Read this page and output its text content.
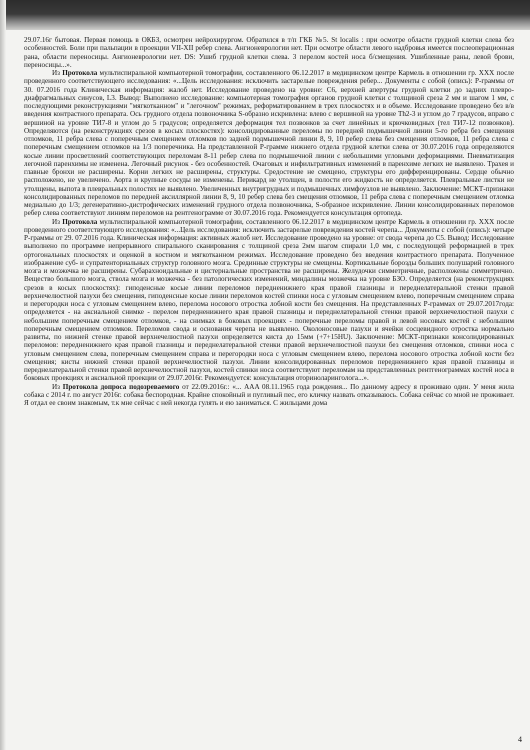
29.07.16г бытовая. Первая помощь в ОКБЗ, осмотрен нейрохирургом. Обратился в т/п ГКБ №5. St localis : при осмотре области грудной клетки слева без особенностей. Боли при пальпации в проекции VII-XII ребер слева. Ангионеврологии нет. При осмотре области левого надбровья имеется послеоперационная рана, области переносицы. Ангионеврологии нет. DS: Ушиб грудной клетки слева. 3 перелом костей носа б/смещения. Ушибленные раны, левой брови, переносицы...».

Из Протокола мультиспиральной компьютерной томографии, составленного 06.12.2017 в медицинском центре Кармель в отношении гр. XXX после проведенного соответствующего исследования: «...Цель исследования: исключить застарелые повреждения ребер... Документы с собой (опись): Р-граммы от 30. 07.2016 года Клиническая информация: жалоб нет. Исследование проведено на уровне: C6, верхней апертуры грудной клетки до задних плеврo-диафрагмальных синусов, L3. Вывод: Выполнено исследование: компьютерная томография органов грудной клетки с толщиной среза 2 мм и шагом 1 мм, с последующими реконструкциями "мягкотканном" и "легочном" режимах, реформатированием в трех плоскостях и в объеме. Исследование проведено без в/в введения контрастного препарата. Ось грудного отдела позвоночника S-образно искривлена: влево с вершиной на уровне Th2-3 и углом до 7 градусов, вправо с вершиной на уровне ТИ7-8 и углом до 5 градусов; определяется деформация тел позвонков за счет линейных и крючковидных (тел ТИ7-12 позвонков). Определяются (на реконструкциях срезов в косых плоскостях): консолидированные переломы по передней подмышечной линии 5-го ребра без смещения отломков, 11 ребра слева с поперечным смещением отломков по задней подмышечной линии 8, 9, 10 ребер слева без смещения отломков, 11 ребра слева с поперечным смещением отломков на 1/3 поперечника. На представленной Р-грамме нижнего отдела грудной клетки слева от 30.07.2016 года определяются косые линии просветлений соответствующих переломам 8-11 ребер слева по подмышечной линии с небольшими угловыми деформациями. Пневматизация легочной паренхимы не изменена. Легочный рисунок - без особенностей. Очаговых и инфильтративных изменений в паренхиме легких не выявлено. Трахея и главные бронхи не расширены. Корни легких не расширены, структуры. Средостение не смещено, структуры его дифференцированы. Сердце обычно расположено, не увеличено. Аорта и крупные сосуды не изменены. Перикард не утолщен, в полости его жидкость не определяется. Плевральные листки не утолщены, выпота в плевральных полостях не выявлено. Увеличенных внутригрудных и подмышечных лимфоузлов не выявлено. Заключение: МСКТ-признаки консолидированных переломов по передней аксиллярной линии 8, 9, 10 ребер слева без смещения отломков, 11 ребра слева с поперечным смещением отломка медиально до 1/3; дегенеративно-дистрофических изменений грудного отдела позвоночника, S-образное искривление. Линии консолидированных переломов ребер слева соответствуют линиям переломов на рентгенограмме от 30.07.2016 года. Рекомендуется консультация ортопеда.

Из Протокола мультиспиральной компьютерной томографии, составленного 06.12.2017 в медицинском центре Кармель в отношении гр. XXX после проведенного соответствующего исследования: «...Цель исследования: исключить застарелые повреждения костей черепа... Документы с собой (опись): четыре Р-граммы от 29. 07.2016 года. Клиническая информация: активных жалоб нет. Исследование проведено на уровне: от свода черепа до C5. Вывод: Исследование выполнено по программе непрерывного спирального сканирования с толщиной среза 2мм шагом спирали 1,0 мм, с последующей реформацией в трех ортогональных плоскостях и оценкой в костном и мягкотканном режимах. Исследование проведено без введения контрастного препарата. Полученное изображение суб- и супратенториальных структур головного мозга. Срединные структуры не смещены. Кортикальные борозды больших полушарий головного мозга и мозжечка не расширены. Субарахноидальные и цистернальные пространства не расширены. Желудочки симметричные, расположены симметрично. Вещество большого мозга, ствола мозга и мозжечка - без патологических изменений, миндалины мозжечка на уровне БЗО. Определяется (на реконструкциях срезов в косых плоскостях): гиподенсные косые линии переломов передненижнего края правой глазницы и переднелатеральной стенки правой верхнечелюстной пазухи без смещения, гиподенсные косые линии переломов костей спинки носа с угловым смещением влево, поперечным смещением справа и перегородки носа с угловым смещением влево, перелома носового отростка лобной кости без смещения. На представленных Р-граммах от 29.07.2017года: определяется - на аксиальной снимке - перелом передненижнего края правой глазницы и переднелатеральной стенки правой верхнечелюстной пазухи с небольшим поперечным смещением отломков, - на снимках в боковых проекциях - поперечные переломы правой и левой носовых костей с небольшим поперечным смещением отломков. Переломов свода и основания черепа не выявлено. Околоносовые пазухи и ячейки сосцевидного отростка нормально развиты, по нижней стенке правой верхнечелюстной пазухи определяется киста до 15мм (+7+15HU). Заключение: МСКТ-признаки консолидированных переломов: передненижнего края правой глазницы и переднелатеральной стенки правой верхнечелюстной пазухи без смещения отломков, спинки носа с угловым смещением слева, поперечным смещением справа и перегородки носа с угловым смещением влево, перелома носового отростка лобной кости без смещения; кисты нижней стенки правой верхнечелюстной пазухи. Линии консолидированных переломов передненижнего края правой глазницы и переднелатеральной стенки правой верхнечелюстной пазухи, костей спинки носа соответствуют переломам на представленных рентгенограммах костей носа в боковых проекциях и аксиальной проекции от 29.07.2016г. Рекомендуется: консультация оториноларинголога...».

Из Протокола допроса подозреваемого от 22.09.2016г.: «... AAA 08.11.1965 года рождения... По данному адресу я проживаю один. У меня жила собака с 2014 г. по август 2016г. собака беспородная. Крайне спокойный и пугливый пес, его кличку назвать отказываюсь. Собака сейчас со мной не проживает. Я отдал ее своим знакомым, т.к мне сейчас с ней некогда гулять и ею заниматься. С жильцами дома

4
